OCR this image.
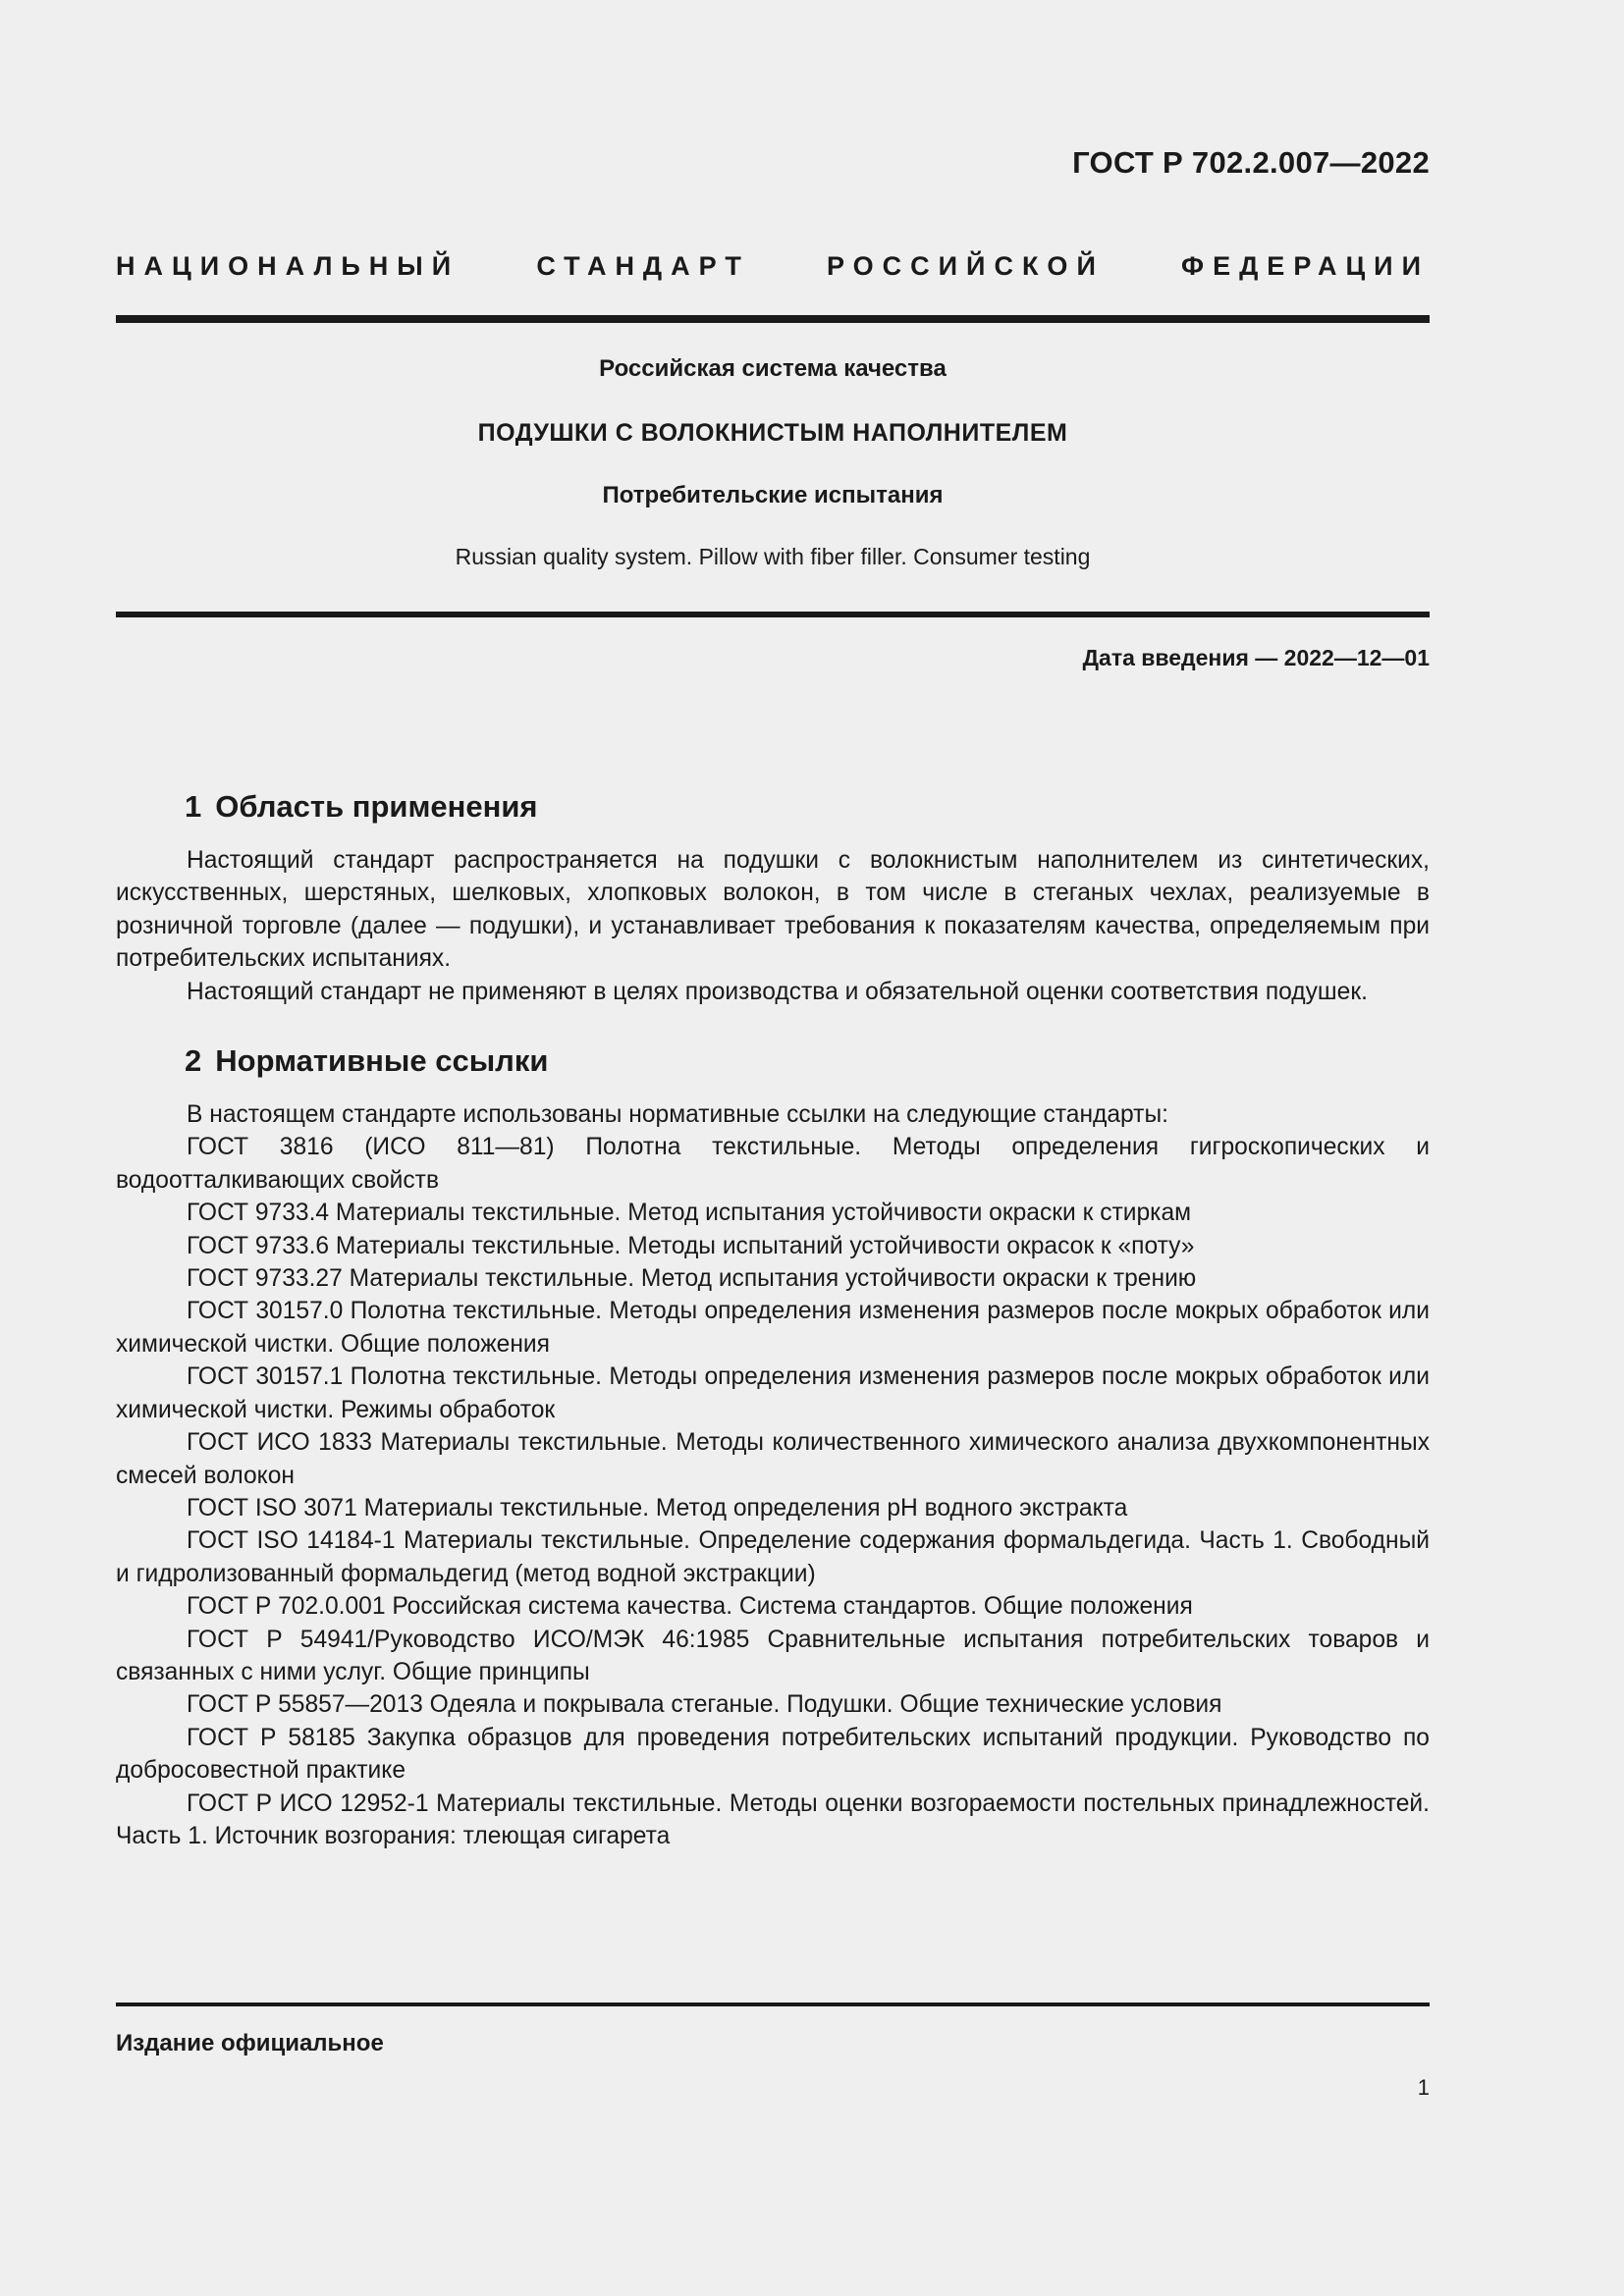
ГОСТ Р 702.2.007—2022
НАЦИОНАЛЬНЫЙ СТАНДАРТ РОССИЙСКОЙ ФЕДЕРАЦИИ
Российская система качества
ПОДУШКИ С ВОЛОКНИСТЫМ НАПОЛНИТЕЛЕМ
Потребительские испытания
Russian quality system. Pillow with fiber filler. Consumer testing
Дата введения — 2022—12—01
1 Область применения

Настоящий стандарт распространяется на подушки с волокнистым наполнителем из синтетических, искусственных, шерстяных, шелковых, хлопковых волокон, в том числе в стеганых чехлах, реализуемые в розничной торговле (далее — подушки), и устанавливает требования к показателям качества, определяемым при потребительских испытаниях.

Настоящий стандарт не применяют в целях производства и обязательной оценки соответствия подушек.

2 Нормативные ссылки

В настоящем стандарте использованы нормативные ссылки на следующие стандарты:

ГОСТ 3816 (ИСО 811—81) Полотна текстильные. Методы определения гигроскопических и водоотталкивающих свойств

ГОСТ 9733.4 Материалы текстильные. Метод испытания устойчивости окраски к стиркам

ГОСТ 9733.6 Материалы текстильные. Методы испытаний устойчивости окрасок к «поту»

ГОСТ 9733.27 Материалы текстильные. Метод испытания устойчивости окраски к трению

ГОСТ 30157.0 Полотна текстильные. Методы определения изменения размеров после мокрых обработок или химической чистки. Общие положения

ГОСТ 30157.1 Полотна текстильные. Методы определения изменения размеров после мокрых обработок или химической чистки. Режимы обработок

ГОСТ ИСО 1833 Материалы текстильные. Методы количественного химического анализа двухкомпонентных смесей волокон

ГОСТ ISO 3071 Материалы текстильные. Метод определения pH водного экстракта

ГОСТ ISO 14184-1 Материалы текстильные. Определение содержания формальдегида. Часть 1. Свободный и гидролизованный формальдегид (метод водной экстракции)

ГОСТ Р 702.0.001 Российская система качества. Система стандартов. Общие положения

ГОСТ Р 54941/Руководство ИСО/МЭК 46:1985 Сравнительные испытания потребительских товаров и связанных с ними услуг. Общие принципы

ГОСТ Р 55857—2013 Одеяла и покрывала стеганые. Подушки. Общие технические условия

ГОСТ Р 58185 Закупка образцов для проведения потребительских испытаний продукции. Руководство по добросовестной практике

ГОСТ Р ИСО 12952-1 Материалы текстильные. Методы оценки возгораемости постельных принадлежностей. Часть 1. Источник возгорания: тлеющая сигарета

Издание официальное
1
